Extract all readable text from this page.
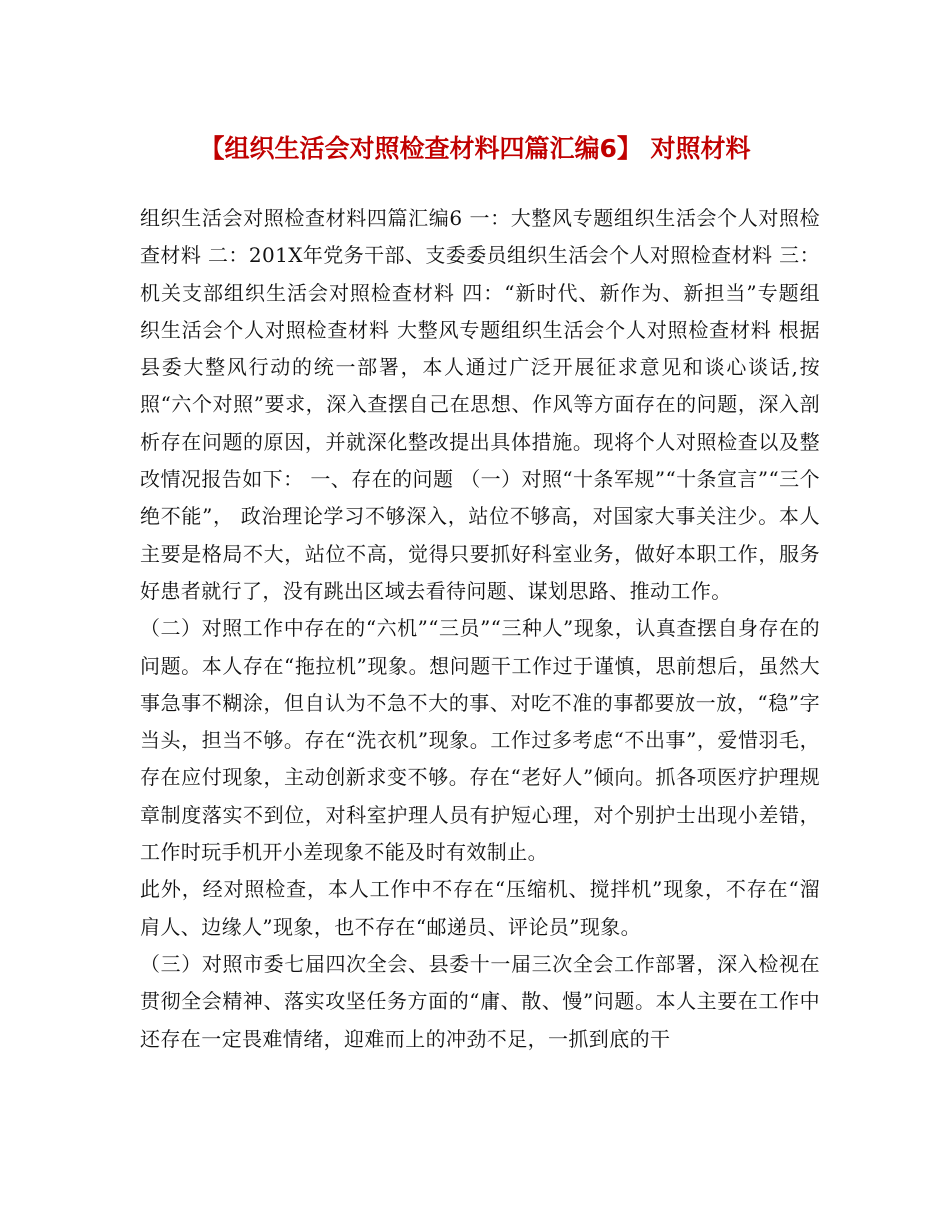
【组织生活会对照检查材料四篇汇编6】 对照材料

组织生活会对照检查材料四篇汇编6 一：大整风专题组织生活会个人对照检查材料 二：201X年党务干部、支委委员组织生活会个人对照检查材料 三：机关支部组织生活会对照检查材料 四：“新时代、新作为、新担当”专题组织生活会个人对照检查材料 大整风专题组织生活会个人对照检查材料 根据县委大整风行动的统一部署，本人通过广泛开展征求意见和谈心谈话,按照“六个对照”要求，深入查摆自己在思想、作风等方面存在的问题，深入剖析存在问题的原因，并就深化整改提出具体措施。现将个人对照检查以及整改情况报告如下： 一、存在的问题 （一）对照“十条军规”“十条宣言”“三个绝不能”， 政治理论学习不够深入，站位不够高，对国家大事关注少。本人主要是格局不大，站位不高，觉得只要抓好科室业务，做好本职工作，服务好患者就行了，没有跳出区域去看待问题、谋划思路、推动工作。

（二）对照工作中存在的“六机”“三员”“三种人”现象，认真查摆自身存在的问题。本人存在“拖拉机”现象。想问题干工作过于谨慎，思前想后，虽然大事急事不糊涂，但自认为不急不大的事、对吃不准的事都要放一放，“稳”字当头，担当不够。存在“洗衣机”现象。工作过多考虑“不出事”，爱惜羽毛，存在应付现象，主动创新求变不够。存在“老好人”倾向。抓各项医疗护理规章制度落实不到位，对科室护理人员有护短心理，对个别护士出现小差错，工作时玩手机开小差现象不能及时有效制止。

此外，经对照检查，本人工作中不存在“压缩机、搅拌机”现象，不存在“溜肩人、边缘人”现象，也不存在“邮递员、评论员”现象。

（三）对照市委七届四次全会、县委十一届三次全会工作部署，深入检视在贯彻全会精神、落实攻坚任务方面的“庸、散、慢”问题。本人主要在工作中还存在一定畏难情绪，迎难而上的冲劲不足，一抓到底的干
